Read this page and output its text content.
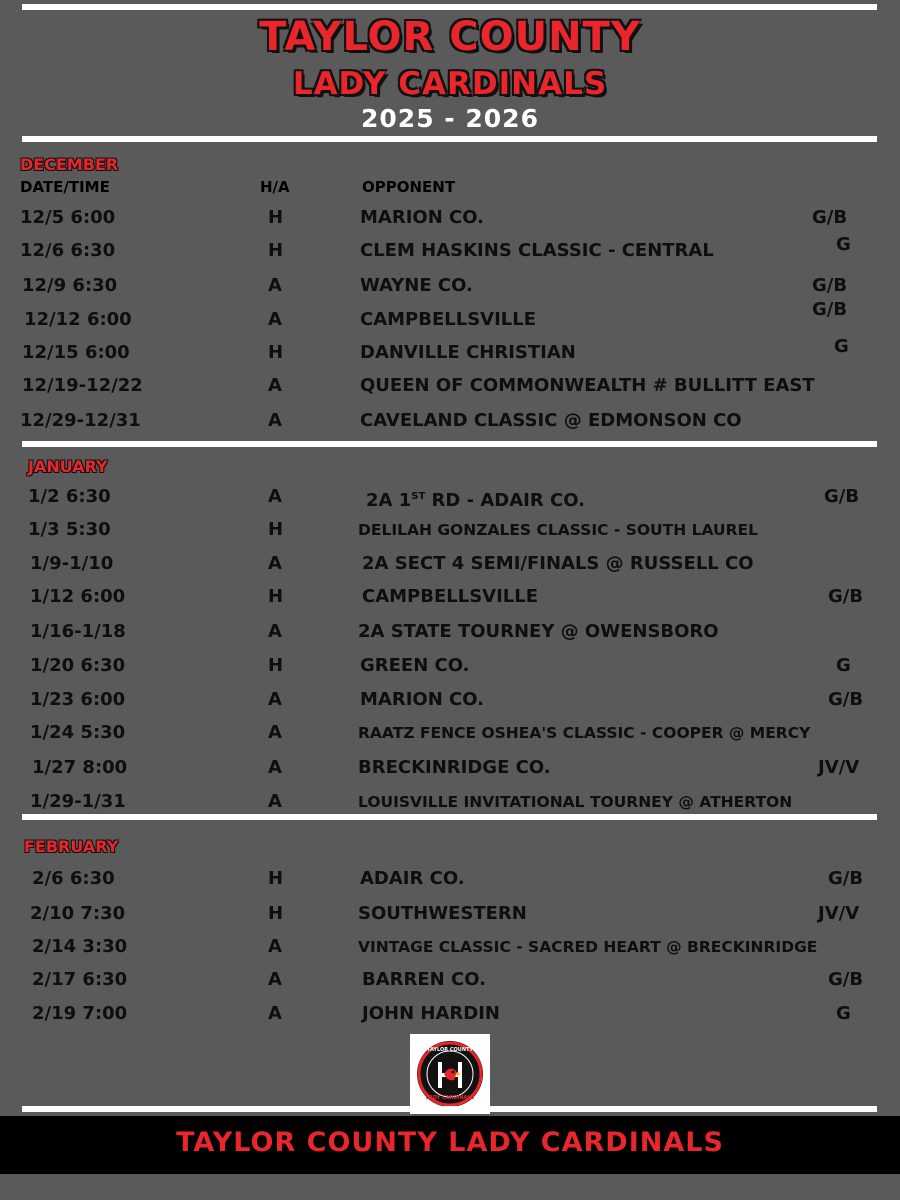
TAYLOR COUNTY
LADY CARDINALS
2025 - 2026
DECEMBER
DATE/TIME	H/A	OPPONENT
12/5 6:00	H	MARION CO.	G/B
12/6 6:30	H	CLEM HASKINS CLASSIC - CENTRAL	G
12/9 6:30	A	WAYNE CO.	G/B
12/12 6:00	A	CAMPBELLSVILLE	G/B
12/15 6:00	H	DANVILLE CHRISTIAN	G
12/19-12/22	A	QUEEN OF COMMONWEALTH # BULLITT EAST
12/29-12/31	A	CAVELAND CLASSIC @ EDMONSON CO
JANUARY
1/2 6:30	A	2A 1ST RD - ADAIR CO.	G/B
1/3 5:30	H	DELILAH GONZALES CLASSIC - SOUTH LAUREL
1/9-1/10	A	2A SECT 4 SEMI/FINALS @ RUSSELL CO
1/12 6:00	H	CAMPBELLSVILLE	G/B
1/16-1/18	A	2A STATE TOURNEY @ OWENSBORO
1/20 6:30	H	GREEN CO.	G
1/23 6:00	A	MARION CO.	G/B
1/24 5:30	A	RAATZ FENCE OSHEA'S CLASSIC - COOPER @ MERCY
1/27 8:00	A	BRECKINRIDGE CO.	JV/V
1/29-1/31	A	LOUISVILLE INVITATIONAL TOURNEY @ ATHERTON
FEBRUARY
2/6 6:30	H	ADAIR CO.	G/B
2/10 7:30	H	SOUTHWESTERN	JV/V
2/14 3:30	A	VINTAGE CLASSIC - SACRED HEART @ BRECKINRIDGE
2/17 6:30	A	BARREN CO.	G/B
2/19 7:00	A	JOHN HARDIN	G
TAYLOR COUNTY
LADY CARDINALS
TAYLOR COUNTY LADY CARDINALS
